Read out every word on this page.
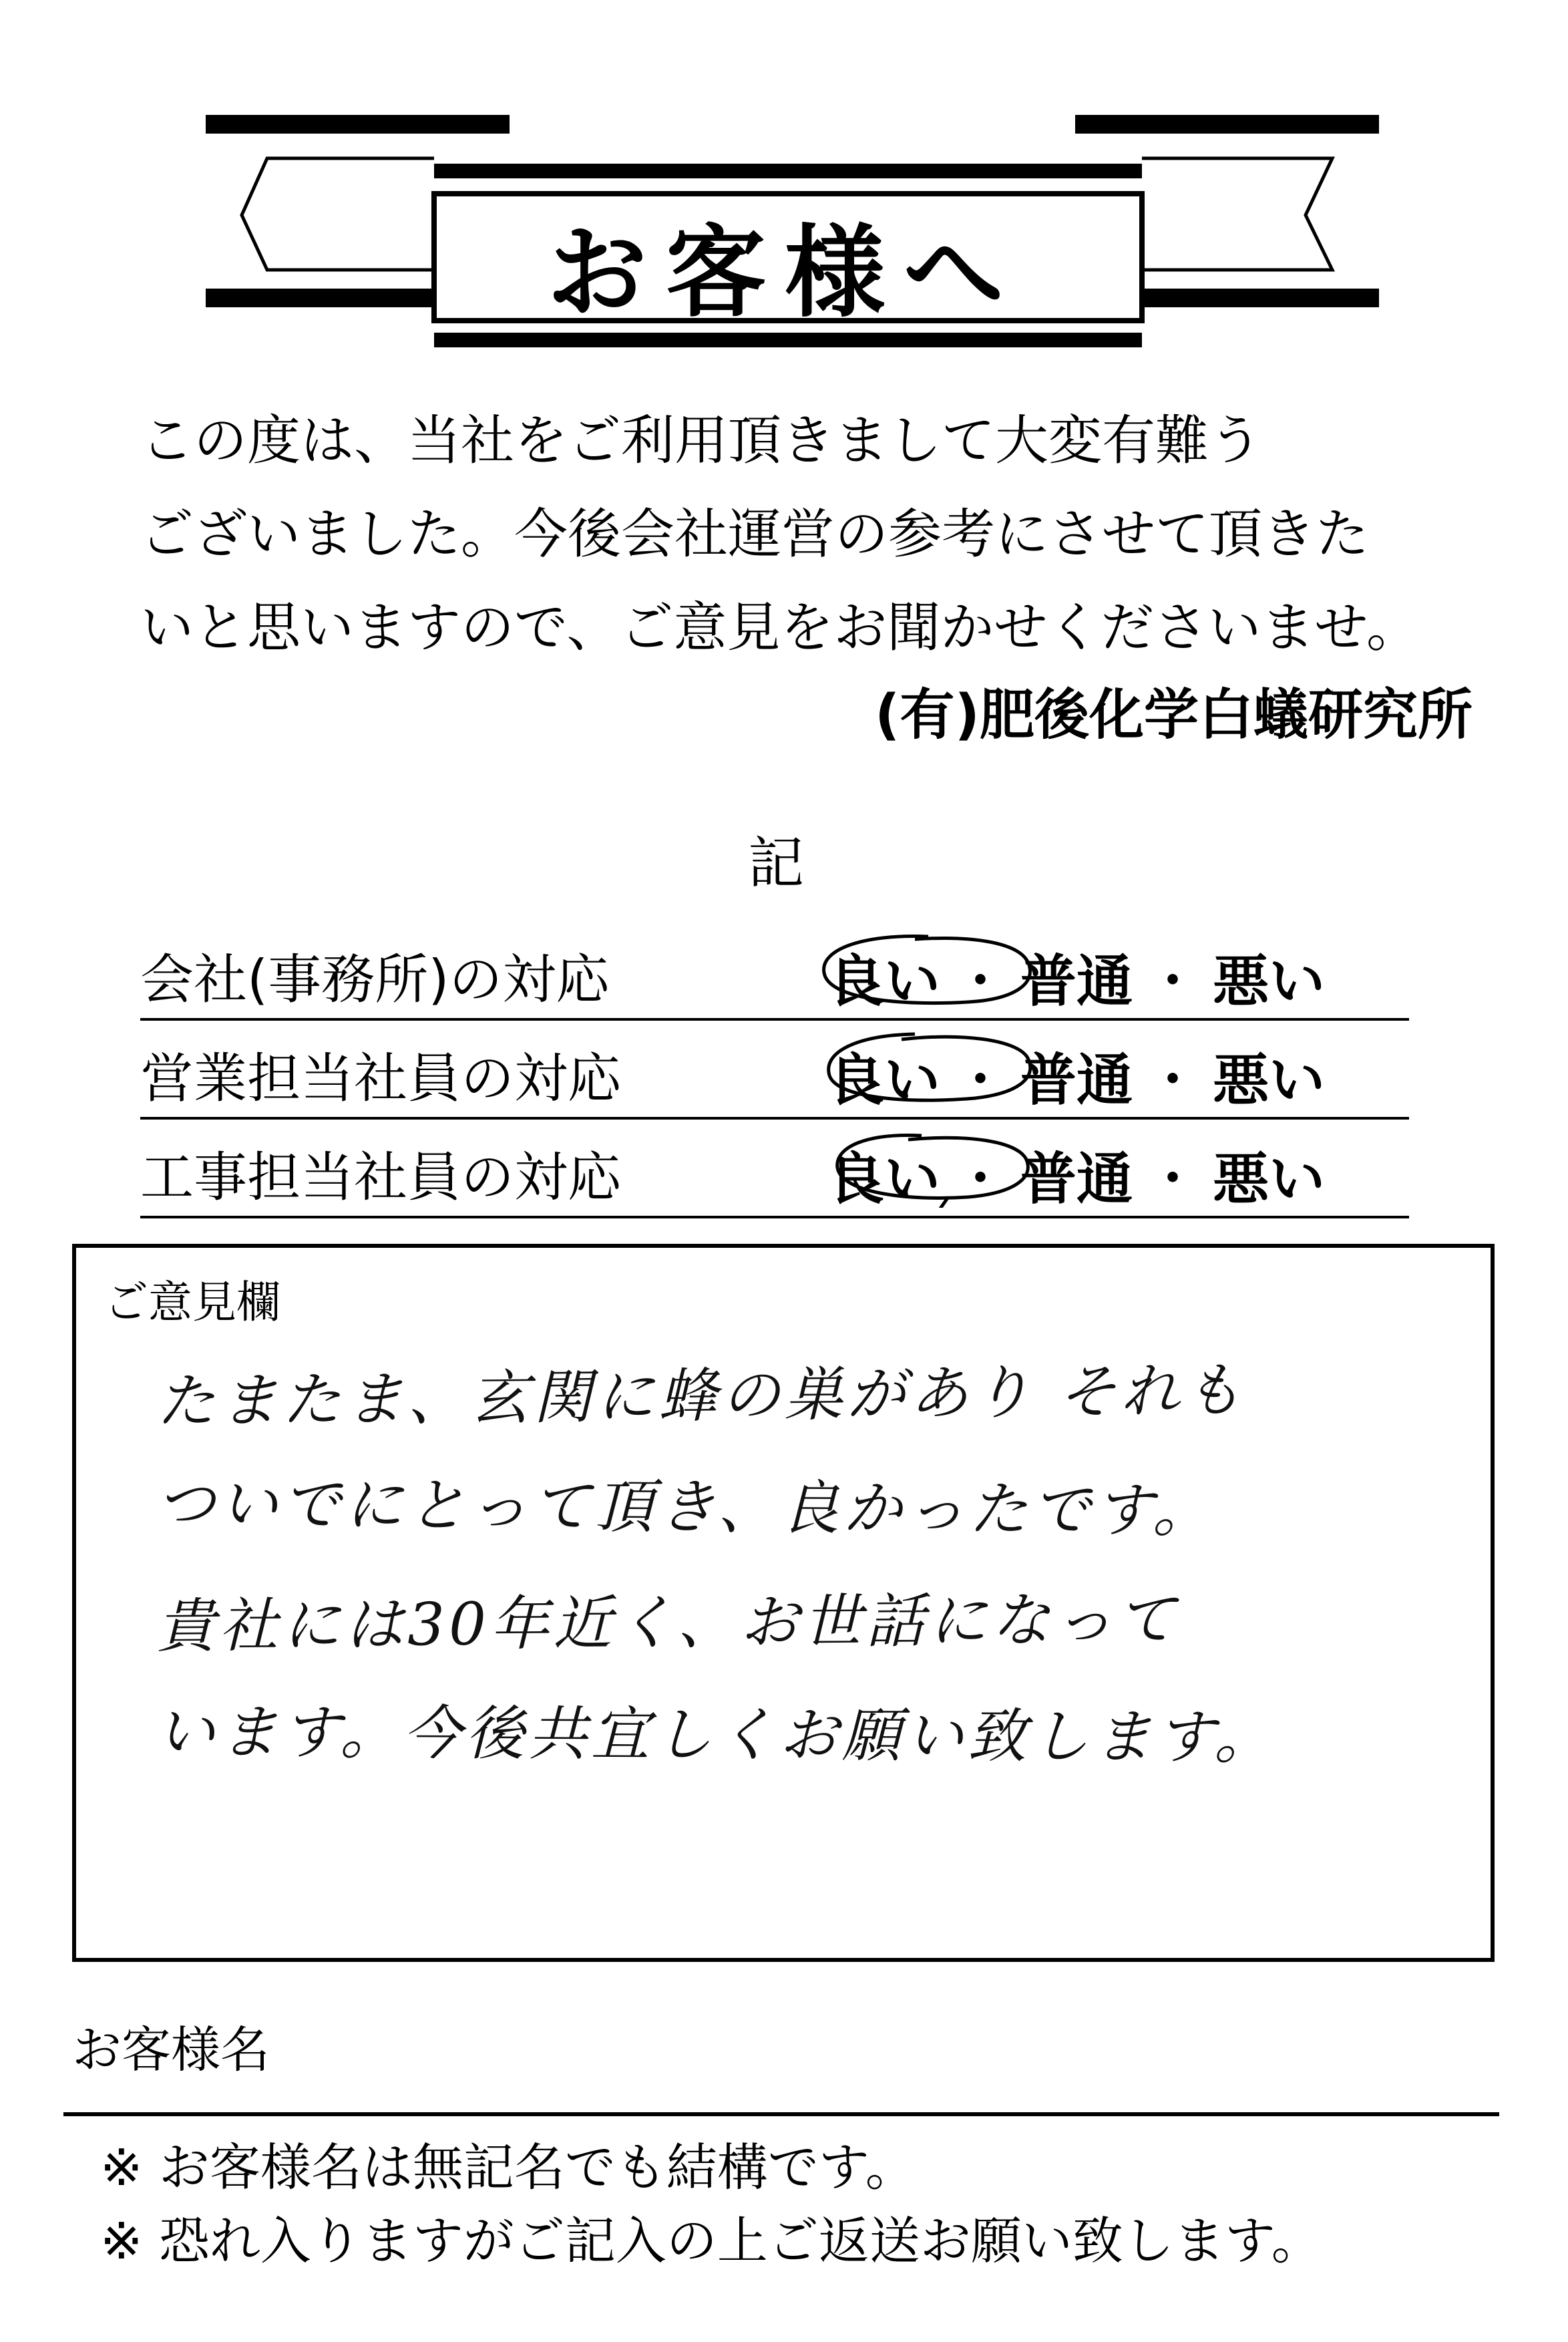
お客様へ

この度は、当社をご利用頂きまして大変有難う
ございました。今後会社運営の参考にさせて頂きた
いと思いますので、ご意見をお聞かせくださいませ。

(有)肥後化学白蟻研究所
記
会社(事務所)の対応	良い ・ 普通 ・ 悪い
営業担当社員の対応	良い ・ 普通 ・ 悪い
工事担当社員の対応	良い ・ 普通 ・ 悪い
ご意見欄
たまたま、玄関に蜂の巣があり それも
ついでにとって頂き、良かったです。
貴社には30年近く、お世話になって
います。今後共宜しくお願い致します。
お客様名
※ お客様名は無記名でも結構です。
※ 恐れ入りますがご記入の上ご返送お願い致します。
